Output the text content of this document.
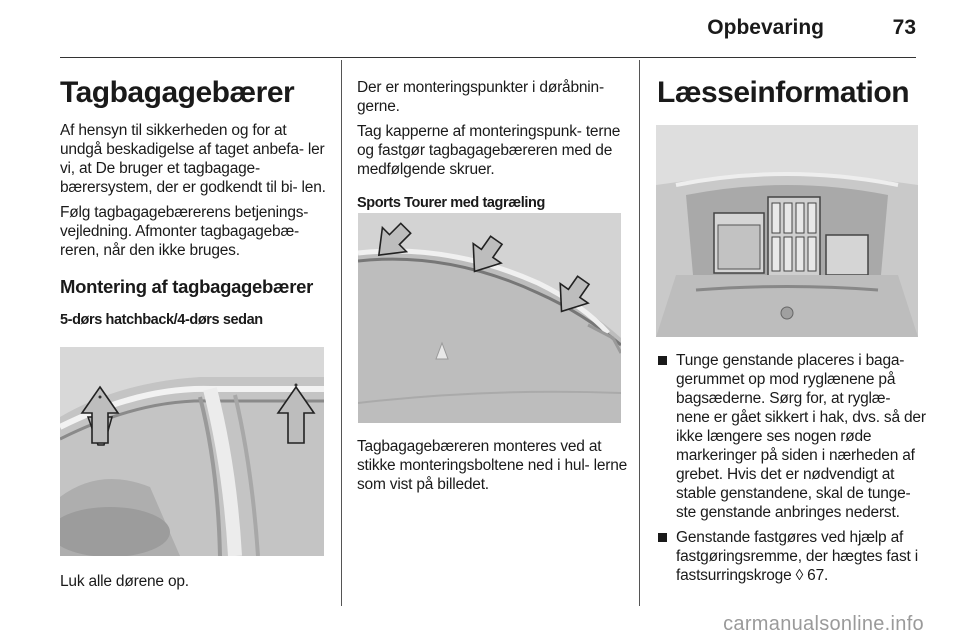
Opbevaring	73
Tagbagagebærer

Af hensyn til sikkerheden og for at undgå beskadigelse af taget anbefa- ler vi, at De bruger et tagbagage- bærersystem, der er godkendt til bi- len.

Følg tagbagagebærerens betjenings- vejledning. Afmonter tagbagagebæ- reren, når den ikke bruges.

Montering af tagbagagebærer
5-dørs hatchback/4-dørs sedan

Luk alle dørene op.

Der er monteringspunkter i døråbnin- gerne.

Tag kapperne af monteringspunk- terne og fastgør tagbagagebæreren med de medfølgende skruer.

Sports Tourer med tagræling

Tagbagagebæreren monteres ved at stikke monteringsboltene ned i hul- lerne som vist på billedet.

Læsseinformation
Tunge genstande placeres i baga- gerummet op mod ryglænene på bagsæderne. Sørg for, at ryglæ- nene er gået sikkert i hak, dvs. så der ikke længere ses nogen røde markeringer på siden i nærheden af grebet. Hvis det er nødvendigt at stable genstandene, skal de tunge- ste genstande anbringes nederst.
Genstande fastgøres ved hjælp af fastgøringsremme, der hægtes fast i fastsurringskroge ◊ 67.
carmanualsonline.info
